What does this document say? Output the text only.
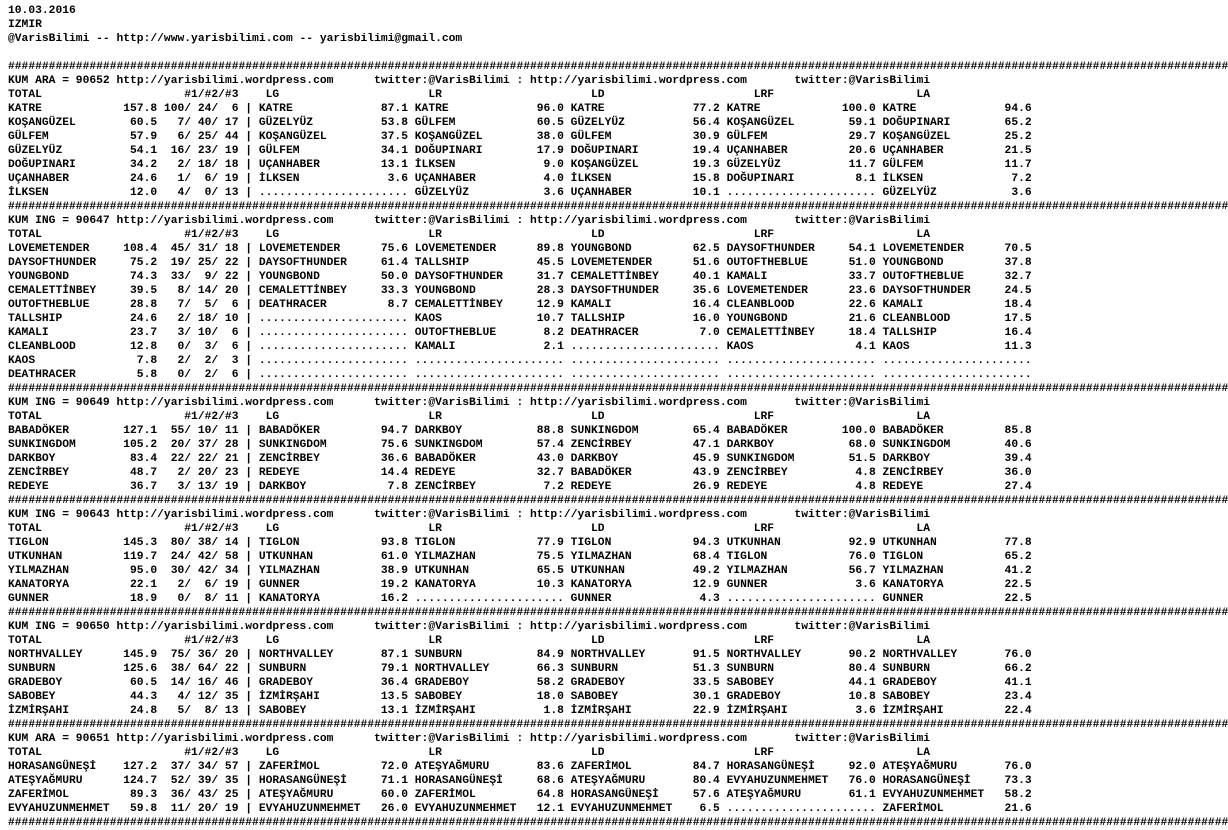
10.03.2016
IZMIR
@VarisBilimi -- http://www.yarisbilimi.com -- yarisbilimi@gmail.com
####################################################################################################################################################################################
KUM ARA = 90652 http://yarisbilimi.wordpress.com      twitter:@VarisBilimi : http://yarisbilimi.wordpress.com       twitter:@VarisBilimi
TOTAL                     #1/#2/#3    LG                      LR                      LD                      LRF                     LA
KATRE            157.8 100/ 24/  6 | KATRE             87.1 KATRE             96.0 KATRE             77.2 KATRE            100.0 KATRE             94.6
KOŞANGÜZEL        60.5   7/ 40/ 17 | GÜZELYÜZ          53.8 GÜLFEM            60.5 GÜZELYÜZ          56.4 KOŞANGÜZEL        59.1 DOĞUPINARI        65.2
GÜLFEM            57.9   6/ 25/ 44 | KOŞANGÜZEL        37.5 KOŞANGÜZEL        38.0 GÜLFEM            30.9 GÜLFEM            29.7 KOŞANGÜZEL        25.2
GÜZELYÜZ          54.1  16/ 23/ 19 | GÜLFEM            34.1 DOĞUPINARI        17.9 DOĞUPINARI        19.4 UÇANHABER         20.6 UÇANHABER         21.5
DOĞUPINARI        34.2   2/ 18/ 18 | UÇANHABER         13.1 İLKSEN             9.0 KOŞANGÜZEL        19.3 GÜZELYÜZ          11.7 GÜLFEM            11.7
UÇANHABER         24.6   1/  6/ 19 | İLKSEN             3.6 UÇANHABER          4.0 İLKSEN            15.8 DOĞUPINARI         8.1 İLKSEN             7.2
İLKSEN            12.0   4/  0/ 13 | ...................... GÜZELYÜZ           3.6 UÇANHABER         10.1 ...................... GÜZELYÜZ           3.6
####################################################################################################################################################################################
KUM ING = 90647 http://yarisbilimi.wordpress.com      twitter:@VarisBilimi : http://yarisbilimi.wordpress.com       twitter:@VarisBilimi
TOTAL                     #1/#2/#3    LG                      LR                      LD                      LRF                     LA
LOVEMETENDER     108.4  45/ 31/ 18 | LOVEMETENDER      75.6 LOVEMETENDER      89.8 YOUNGBOND         62.5 DAYSOFTHUNDER     54.1 LOVEMETENDER      70.5
DAYSOFTHUNDER     75.2  19/ 25/ 22 | DAYSOFTHUNDER     61.4 TALLSHIP          45.5 LOVEMETENDER      51.6 OUTOFTHEBLUE      51.0 YOUNGBOND         37.8
YOUNGBOND         74.3  33/  9/ 22 | YOUNGBOND         50.0 DAYSOFTHUNDER     31.7 CEMALETTİNBEY     40.1 KAMALI            33.7 OUTOFTHEBLUE      32.7
CEMALETTİNBEY     39.5   8/ 14/ 20 | CEMALETTİNBEY     33.3 YOUNGBOND         28.3 DAYSOFTHUNDER     35.6 LOVEMETENDER      23.6 DAYSOFTHUNDER     24.5
OUTOFTHEBLUE      28.8   7/  5/  6 | DEATHRACER         8.7 CEMALETTİNBEY     12.9 KAMALI            16.4 CLEANBLOOD        22.6 KAMALI            18.4
TALLSHIP          24.6   2/ 18/ 10 | ...................... KAOS              10.7 TALLSHIP          16.0 YOUNGBOND         21.6 CLEANBLOOD        17.5
KAMALI            23.7   3/ 10/  6 | ...................... OUTOFTHEBLUE       8.2 DEATHRACER         7.0 CEMALETTİNBEY     18.4 TALLSHIP          16.4
CLEANBLOOD        12.8   0/  3/  6 | ...................... KAMALI             2.1 ...................... KAOS               4.1 KAOS              11.3
KAOS               7.8   2/  2/  3 | ...................... ...................... ...................... ...................... ......................
DEATHRACER         5.8   0/  2/  6 | ...................... ...................... ...................... ...................... ......................
####################################################################################################################################################################################
KUM ING = 90649 http://yarisbilimi.wordpress.com      twitter:@VarisBilimi : http://yarisbilimi.wordpress.com       twitter:@VarisBilimi
TOTAL                     #1/#2/#3    LG                      LR                      LD                      LRF                     LA
BABADÖKER        127.1  55/ 10/ 11 | BABADÖKER         94.7 DARKBOY           88.8 SUNKINGDOM        65.4 BABADÖKER        100.0 BABADÖKER         85.8
SUNKINGDOM       105.2  20/ 37/ 28 | SUNKINGDOM        75.6 SUNKINGDOM        57.4 ZENCİRBEY         47.1 DARKBOY           68.0 SUNKINGDOM        40.6
DARKBOY           83.4  22/ 22/ 21 | ZENCİRBEY         36.6 BABADÖKER         43.0 DARKBOY           45.9 SUNKINGDOM        51.5 DARKBOY           39.4
ZENCİRBEY         48.7   2/ 20/ 23 | REDEYE            14.4 REDEYE            32.7 BABADÖKER         43.9 ZENCİRBEY          4.8 ZENCİRBEY         36.0
REDEYE            36.7   3/ 13/ 19 | DARKBOY            7.8 ZENCİRBEY          7.2 REDEYE            26.9 REDEYE             4.8 REDEYE            27.4
####################################################################################################################################################################################
KUM ING = 90643 http://yarisbilimi.wordpress.com      twitter:@VarisBilimi : http://yarisbilimi.wordpress.com       twitter:@VarisBilimi
TOTAL                     #1/#2/#3    LG                      LR                      LD                      LRF                     LA
TIGLON           145.3  80/ 38/ 14 | TIGLON            93.8 TIGLON            77.9 TIGLON            94.3 UTKUNHAN          92.9 UTKUNHAN          77.8
UTKUNHAN         119.7  24/ 42/ 58 | UTKUNHAN          61.0 YILMAZHAN         75.5 YILMAZHAN         68.4 TIGLON            76.0 TIGLON            65.2
YILMAZHAN         95.0  30/ 42/ 34 | YILMAZHAN         38.9 UTKUNHAN          65.5 UTKUNHAN          49.2 YILMAZHAN         56.7 YILMAZHAN         41.2
KANATORYA         22.1   2/  6/ 19 | GUNNER            19.2 KANATORYA         10.3 KANATORYA         12.9 GUNNER             3.6 KANATORYA         22.5
GUNNER            18.9   0/  8/ 11 | KANATORYA         16.2 ...................... GUNNER             4.3 ...................... GUNNER            22.5
####################################################################################################################################################################################
KUM ING = 90650 http://yarisbilimi.wordpress.com      twitter:@VarisBilimi : http://yarisbilimi.wordpress.com       twitter:@VarisBilimi
TOTAL                     #1/#2/#3    LG                      LR                      LD                      LRF                     LA
NORTHVALLEY      145.9  75/ 36/ 20 | NORTHVALLEY       87.1 SUNBURN           84.9 NORTHVALLEY       91.5 NORTHVALLEY       90.2 NORTHVALLEY       76.0
SUNBURN          125.6  38/ 64/ 22 | SUNBURN           79.1 NORTHVALLEY       66.3 SUNBURN           51.3 SUNBURN           80.4 SUNBURN           66.2
GRADEBOY          60.5  14/ 16/ 46 | GRADEBOY          36.4 GRADEBOY          58.2 GRADEBOY          33.5 SABOBEY           44.1 GRADEBOY          41.1
SABOBEY           44.3   4/ 12/ 35 | İZMİRŞAHI         13.5 SABOBEY           18.0 SABOBEY           30.1 GRADEBOY          10.8 SABOBEY           23.4
İZMİRŞAHI         24.8   5/  8/ 13 | SABOBEY           13.1 İZMİRŞAHI          1.8 İZMİRŞAHI         22.9 İZMİRŞAHI          3.6 İZMİRŞAHI         22.4
####################################################################################################################################################################################
KUM ARA = 90651 http://yarisbilimi.wordpress.com      twitter:@VarisBilimi : http://yarisbilimi.wordpress.com       twitter:@VarisBilimi
TOTAL                     #1/#2/#3    LG                      LR                      LD                      LRF                     LA
HORASANGÜNEŞİ    127.2  37/ 34/ 57 | ZAFERİMOL         72.0 ATEŞYAĞMURU       83.6 ZAFERİMOL         84.7 HORASANGÜNEŞİ     92.0 ATEŞYAĞMURU       76.0
ATEŞYAĞMURU      124.7  52/ 39/ 35 | HORASANGÜNEŞİ     71.1 HORASANGÜNEŞİ     68.6 ATEŞYAĞMURU       80.4 EVYAHUZUNMEHMET   76.0 HORASANGÜNEŞİ     73.3
ZAFERİMOL         89.3  36/ 43/ 25 | ATEŞYAĞMURU       60.0 ZAFERİMOL         64.8 HORASANGÜNEŞİ     57.6 ATEŞYAĞMURU       61.1 EVYAHUZUNMEHMET   58.2
EVYAHUZUNMEHMET   59.8  11/ 20/ 19 | EVYAHUZUNMEHMET   26.0 EVYAHUZUNMEHMET   12.1 EVYAHUZUNMEHMET    6.5 ...................... ZAFERİMOL         21.6
####################################################################################################################################################################################
